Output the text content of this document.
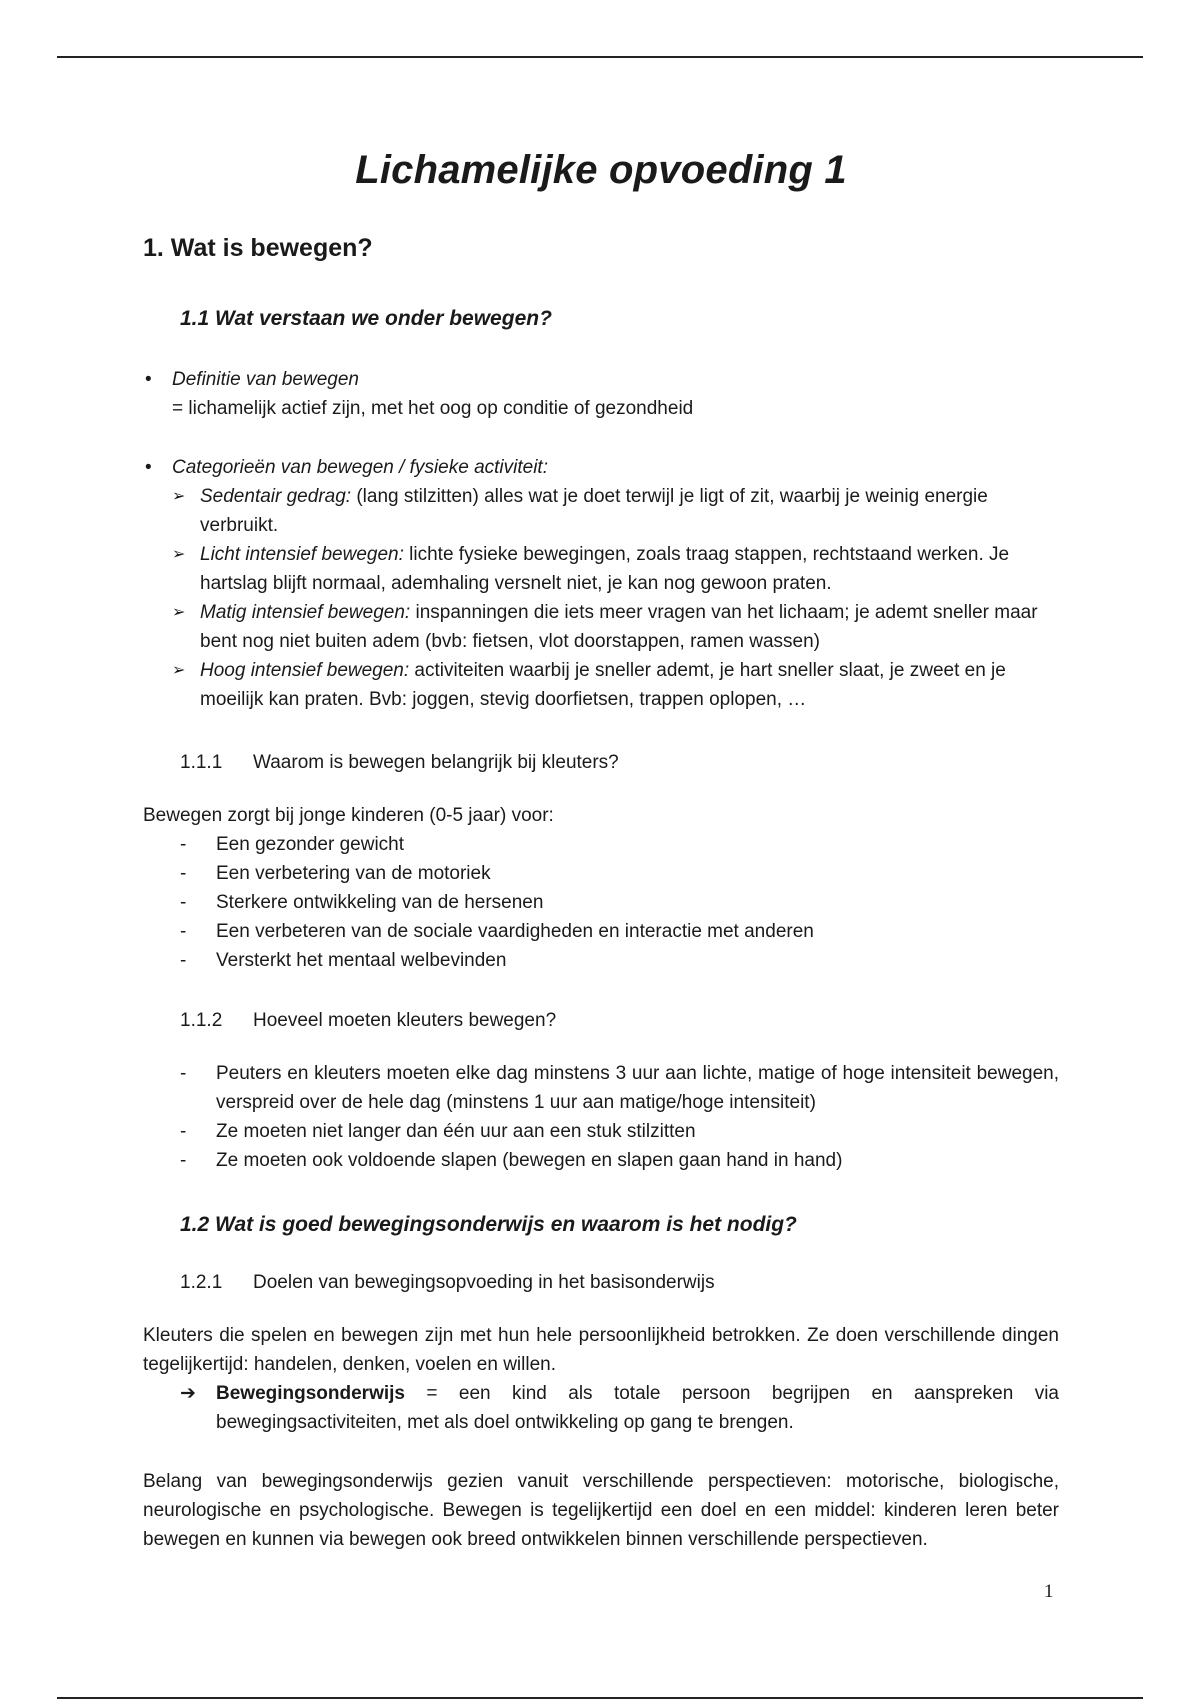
Lichamelijke opvoeding 1
1. Wat is bewegen?
1.1 Wat verstaan we onder bewegen?
• Definitie van bewegen
= lichamelijk actief zijn, met het oog op conditie of gezondheid
• Categorieën van bewegen / fysieke activiteit:
➢ Sedentair gedrag: (lang stilzitten) alles wat je doet terwijl je ligt of zit, waarbij je weinig energie verbruikt.
➢ Licht intensief bewegen: lichte fysieke bewegingen, zoals traag stappen, rechtstaand werken. Je hartslag blijft normaal, ademhaling versnelt niet, je kan nog gewoon praten.
➢ Matig intensief bewegen: inspanningen die iets meer vragen van het lichaam; je ademt sneller maar bent nog niet buiten adem (bvb: fietsen, vlot doorstappen, ramen wassen)
➢ Hoog intensief bewegen: activiteiten waarbij je sneller ademt, je hart sneller slaat, je zweet en je moeilijk kan praten. Bvb: joggen, stevig doorfietsen, trappen oplopen, …
1.1.1 Waarom is bewegen belangrijk bij kleuters?
Bewegen zorgt bij jonge kinderen (0-5 jaar) voor:
- Een gezonder gewicht
- Een verbetering van de motoriek
- Sterkere ontwikkeling van de hersenen
- Een verbeteren van de sociale vaardigheden en interactie met anderen
- Versterkt het mentaal welbevinden
1.1.2 Hoeveel moeten kleuters bewegen?
- Peuters en kleuters moeten elke dag minstens 3 uur aan lichte, matige of hoge intensiteit bewegen, verspreid over de hele dag (minstens 1 uur aan matige/hoge intensiteit)
- Ze moeten niet langer dan één uur aan een stuk stilzitten
- Ze moeten ook voldoende slapen (bewegen en slapen gaan hand in hand)
1.2 Wat is goed bewegingsonderwijs en waarom is het nodig?
1.2.1 Doelen van bewegingsopvoeding in het basisonderwijs
Kleuters die spelen en bewegen zijn met hun hele persoonlijkheid betrokken. Ze doen verschillende dingen tegelijkertijd: handelen, denken, voelen en willen.
➔ Bewegingsonderwijs = een kind als totale persoon begrijpen en aanspreken via bewegingsactiviteiten, met als doel ontwikkeling op gang te brengen.
Belang van bewegingsonderwijs gezien vanuit verschillende perspectieven: motorische, biologische, neurologische en psychologische. Bewegen is tegelijkertijd een doel en een middel: kinderen leren beter bewegen en kunnen via bewegen ook breed ontwikkelen binnen verschillende perspectieven.
1
